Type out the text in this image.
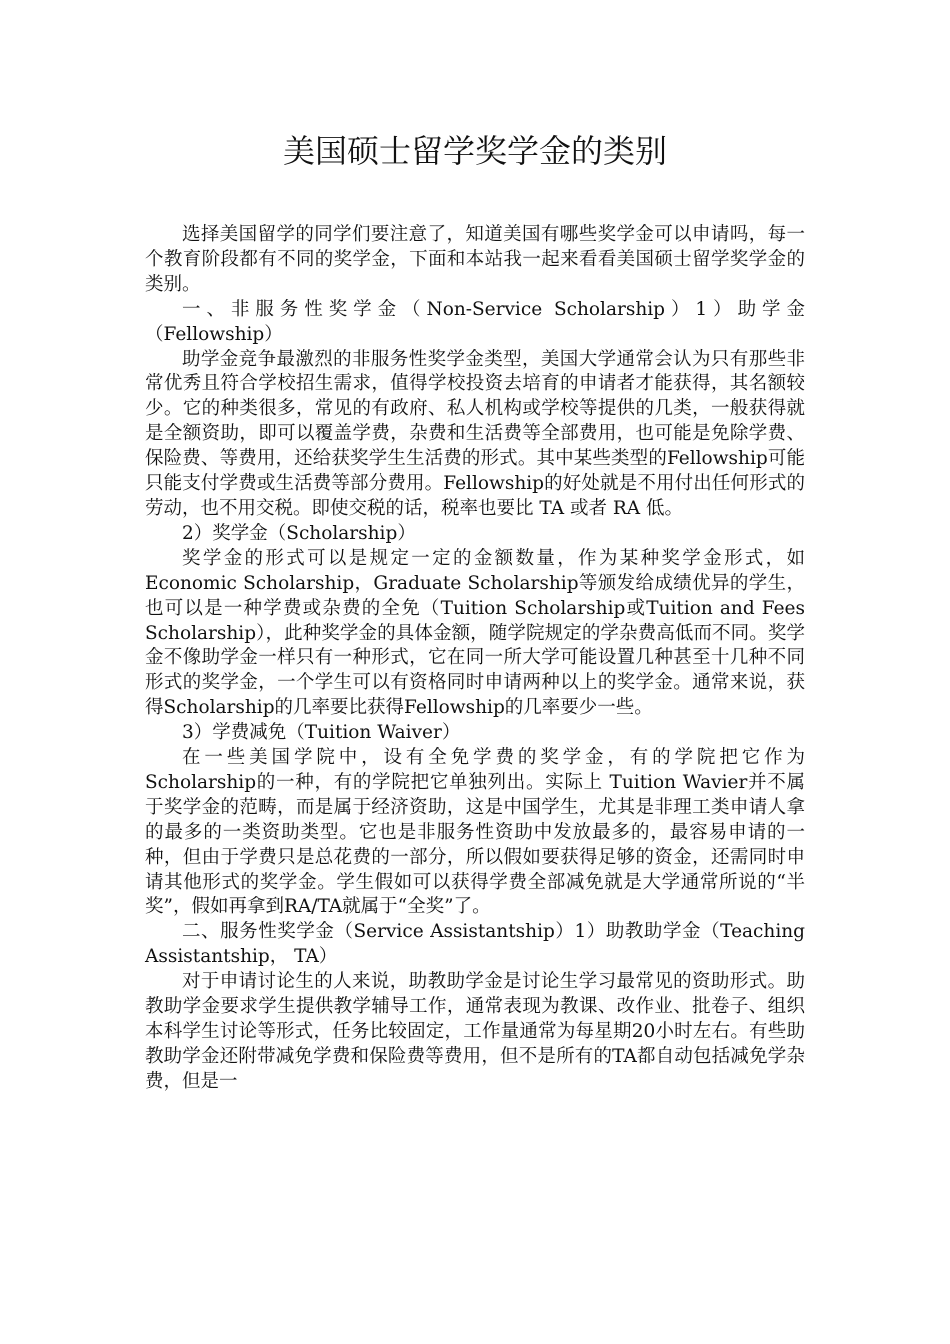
美国硕士留学奖学金的类别

选择美国留学的同学们要注意了，知道美国有哪些奖学金可以申请吗，每一个教育阶段都有不同的奖学金，下面和本站我一起来看看美国硕士留学奖学金的类别。

一、非服务性奖学金（Non-Service Scholarship）1）助学金（Fellowship）

助学金竞争最激烈的非服务性奖学金类型，美国大学通常会认为只有那些非常优秀且符合学校招生需求，值得学校投资去培育的申请者才能获得，其名额较少。它的种类很多，常见的有政府、私人机构或学校等提供的几类，一般获得就是全额资助，即可以覆盖学费，杂费和生活费等全部费用，也可能是免除学费、保险费、等费用，还给获奖学生生活费的形式。其中某些类型的Fellowship可能只能支付学费或生活费等部分费用。Fellowship的好处就是不用付出任何形式的劳动，也不用交税。即使交税的话，税率也要比 TA 或者 RA 低。

2）奖学金（Scholarship）

奖学金的形式可以是规定一定的金额数量，作为某种奖学金形式，如Economic Scholarship，Graduate Scholarship等颁发给成绩优异的学生，也可以是一种学费或杂费的全免（Tuition Scholarship或Tuition and Fees Scholarship），此种奖学金的具体金额，随学院规定的学杂费高低而不同。奖学金不像助学金一样只有一种形式，它在同一所大学可能设置几种甚至十几种不同形式的奖学金，一个学生可以有资格同时申请两种以上的奖学金。通常来说，获得Scholarship的几率要比获得Fellowship的几率要少一些。

3）学费减免（Tuition Waiver）

在一些美国学院中，设有全免学费的奖学金，有的学院把它作为Scholarship的一种，有的学院把它单独列出。实际上 Tuition Wavier并不属于奖学金的范畴，而是属于经济资助，这是中国学生，尤其是非理工类申请人拿的最多的一类资助类型。它也是非服务性资助中发放最多的，最容易申请的一种，但由于学费只是总花费的一部分，所以假如要获得足够的资金，还需同时申请其他形式的奖学金。学生假如可以获得学费全部减免就是大学通常所说的“半奖”，假如再拿到RA/TA就属于“全奖”了。

二、服务性奖学金（Service Assistantship）1）助教助学金（Teaching Assistantship， TA）

对于申请讨论生的人来说，助教助学金是讨论生学习最常见的资助形式。助教助学金要求学生提供教学辅导工作，通常表现为教课、改作业、批卷子、组织本科学生讨论等形式，任务比较固定，工作量通常为每星期20小时左右。有些助教助学金还附带减免学费和保险费等费用，但不是所有的TA都自动包括减免学杂费，但是一
